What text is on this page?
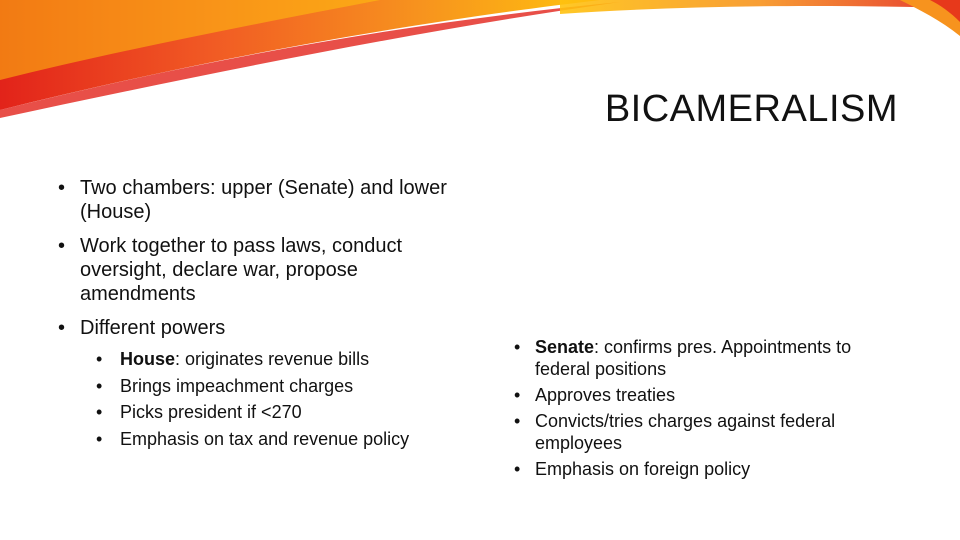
BICAMERALISM
• Two chambers: upper (Senate) and lower (House)
• Work together to pass laws, conduct oversight, declare war, propose amendments
• Different powers
• House: originates revenue bills
• Brings impeachment charges
• Picks president if <270
• Emphasis on tax and revenue policy
• Senate: confirms pres. Appointments to federal positions
• Approves treaties
• Convicts/tries charges against federal employees
• Emphasis on foreign policy
